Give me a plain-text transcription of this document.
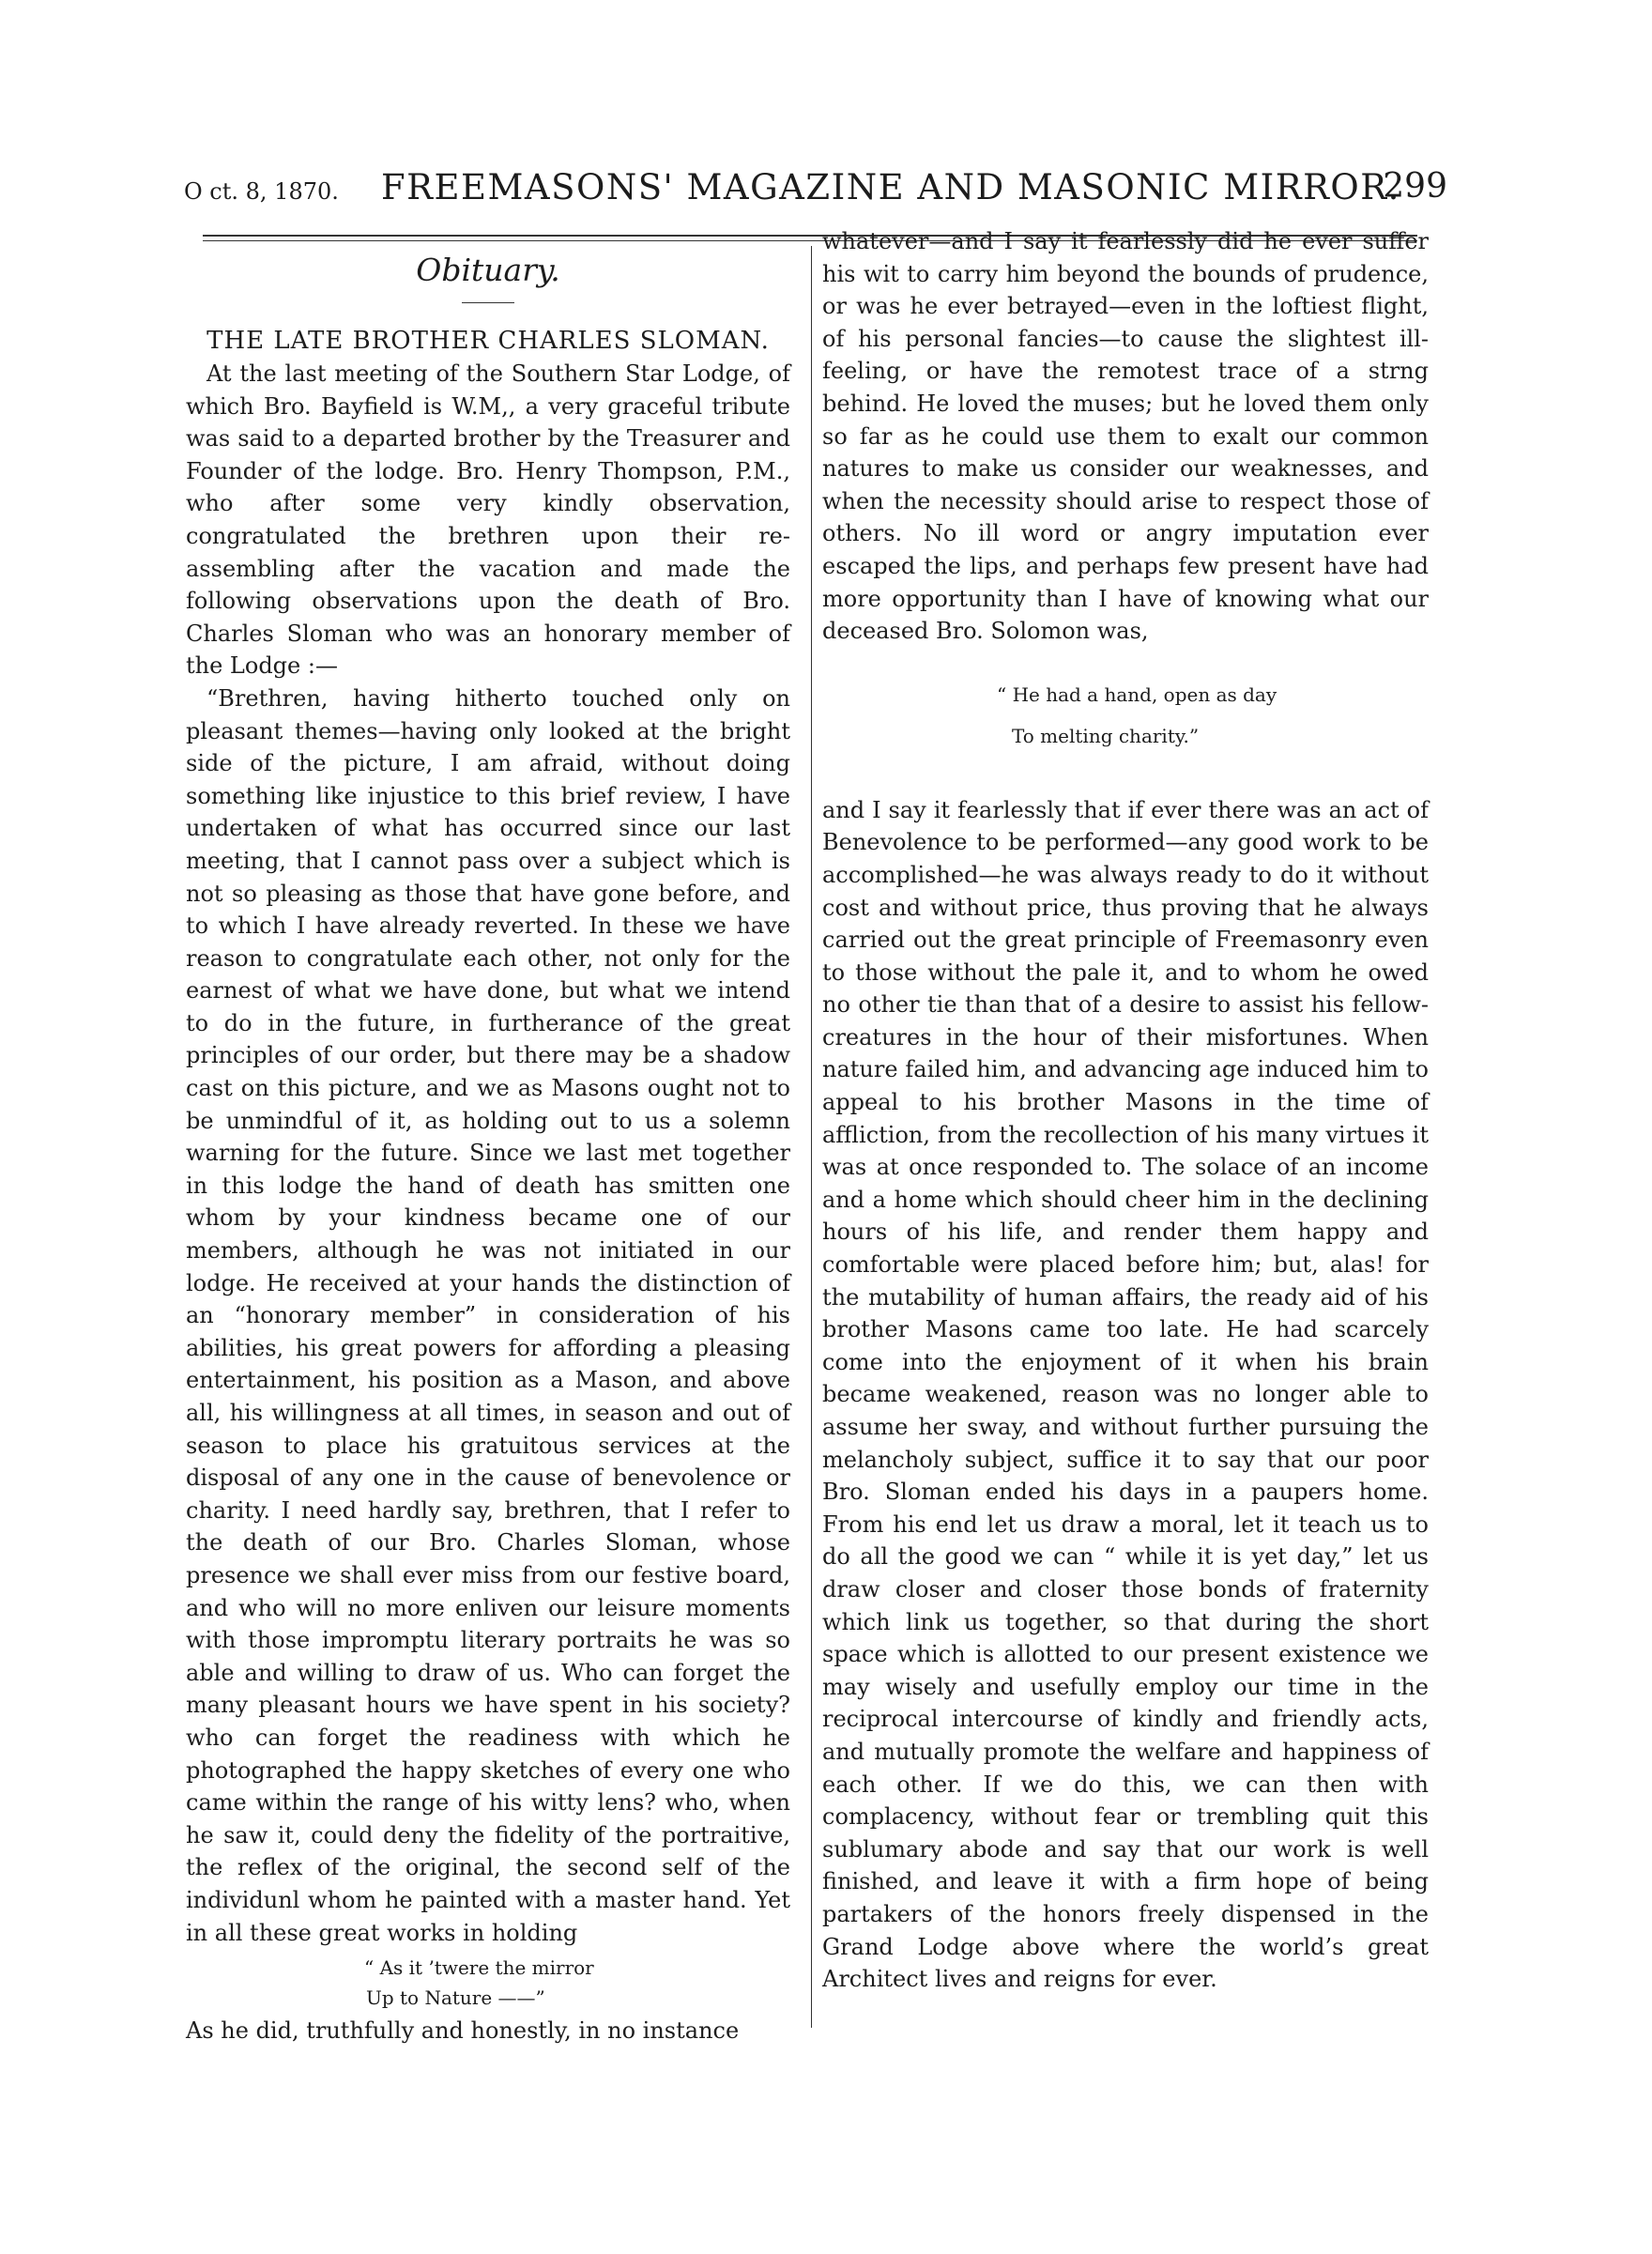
O ct. 8, 1870. FREEMASONS' MAGAZINE AND MASONIC MIRROR.
299

Obituary.

THE LATE BROTHER CHARLES SLOMAN.

At the last meeting of the Southern Star Lodge, of which Bro. Bayfield is W.M,, a very graceful tribute was said to a departed brother by the Treasurer and Founder of the lodge. Bro. Henry Thompson, P.M., who after some very kindly observation, congratulated the brethren upon their re-assembling after the vacation and made the following observations upon the death of Bro. Charles Sloman who was an honorary member of the Lodge :—

“Brethren, having hitherto touched only on pleasant themes—having only looked at the bright side of the picture, I am afraid, without doing something like injustice to this brief review, I have undertaken of what has occurred since our last meeting, that I cannot pass over a subject which is not so pleasing as those that have gone before, and to which I have already reverted. In these we have reason to congratulate each other, not only for the earnest of what we have done, but what we intend to do in the future, in furtherance of the great principles of our order, but there may be a shadow cast on this picture, and we as Masons ought not to be unmindful of it, as holding out to us a solemn warning for the future. Since we last met together in this lodge the hand of death has smitten one whom by your kindness became one of our members, although he was not initiated in our lodge. He received at your hands the distinction of an “honorary member” in consideration of his abilities, his great powers for affording a pleasing entertainment, his position as a Mason, and above all, his willingness at all times, in season and out of season to place his gratuitous services at the disposal of any one in the cause of benevolence or charity. I need hardly say, brethren, that I refer to the death of our Bro. Charles Sloman, whose presence we shall ever miss from our festive board, and who will no more enliven our leisure moments with those impromptu literary portraits he was so able and willing to draw of us. Who can forget the many pleasant hours we have spent in his society? who can forget the readiness with which he photographed the happy sketches of every one who came within the range of his witty lens? who, when he saw it, could deny the fidelity of the portraitive, the reflex of the original, the second self of the individunl whom he painted with a master hand. Yet in all these great works in holding

“ As it ’twere the mirror

Up to Nature ——”

As he did, truthfully and honestly, in no instance

whatever—and I say it fearlessly did he ever suffer his wit to carry him beyond the bounds of prudence, or was he ever betrayed—even in the loftiest flight, of his personal fancies—to cause the slightest ill-feeling, or have the remotest trace of a strng behind. He loved the muses; but he loved them only so far as he could use them to exalt our common natures to make us consider our weaknesses, and when the necessity should arise to respect those of others. No ill word or angry imputation ever escaped the lips, and perhaps few present have had more opportunity than I have of knowing what our deceased Bro. Solomon was,

“ He had a hand, open as day

To melting charity.”

and I say it fearlessly that if ever there was an act of Benevolence to be performed—any good work to be accomplished—he was always ready to do it without cost and without price, thus proving that he always carried out the great principle of Freemasonry even to those without the pale it, and to whom he owed no other tie than that of a desire to assist his fellow-creatures in the hour of their misfortunes. When nature failed him, and advancing age induced him to appeal to his brother Masons in the time of affliction, from the recollection of his many virtues it was at once responded to. The solace of an income and a home which should cheer him in the declining hours of his life, and render them happy and comfortable were placed before him; but, alas! for the mutability of human affairs, the ready aid of his brother Masons came too late. He had scarcely come into the enjoyment of it when his brain became weakened, reason was no longer able to assume her sway, and without further pursuing the melancholy subject, suffice it to say that our poor Bro. Sloman ended his days in a paupers home. From his end let us draw a moral, let it teach us to do all the good we can “ while it is yet day,” let us draw closer and closer those bonds of fraternity which link us together, so that during the short space which is allotted to our present existence we may wisely and usefully employ our time in the reciprocal intercourse of kindly and friendly acts, and mutually promote the welfare and happiness of each other. If we do this, we can then with complacency, without fear or trembling quit this sublumary abode and say that our work is well finished, and leave it with a firm hope of being partakers of the honors freely dispensed in the Grand Lodge above where the world’s great Architect lives and reigns for ever.
